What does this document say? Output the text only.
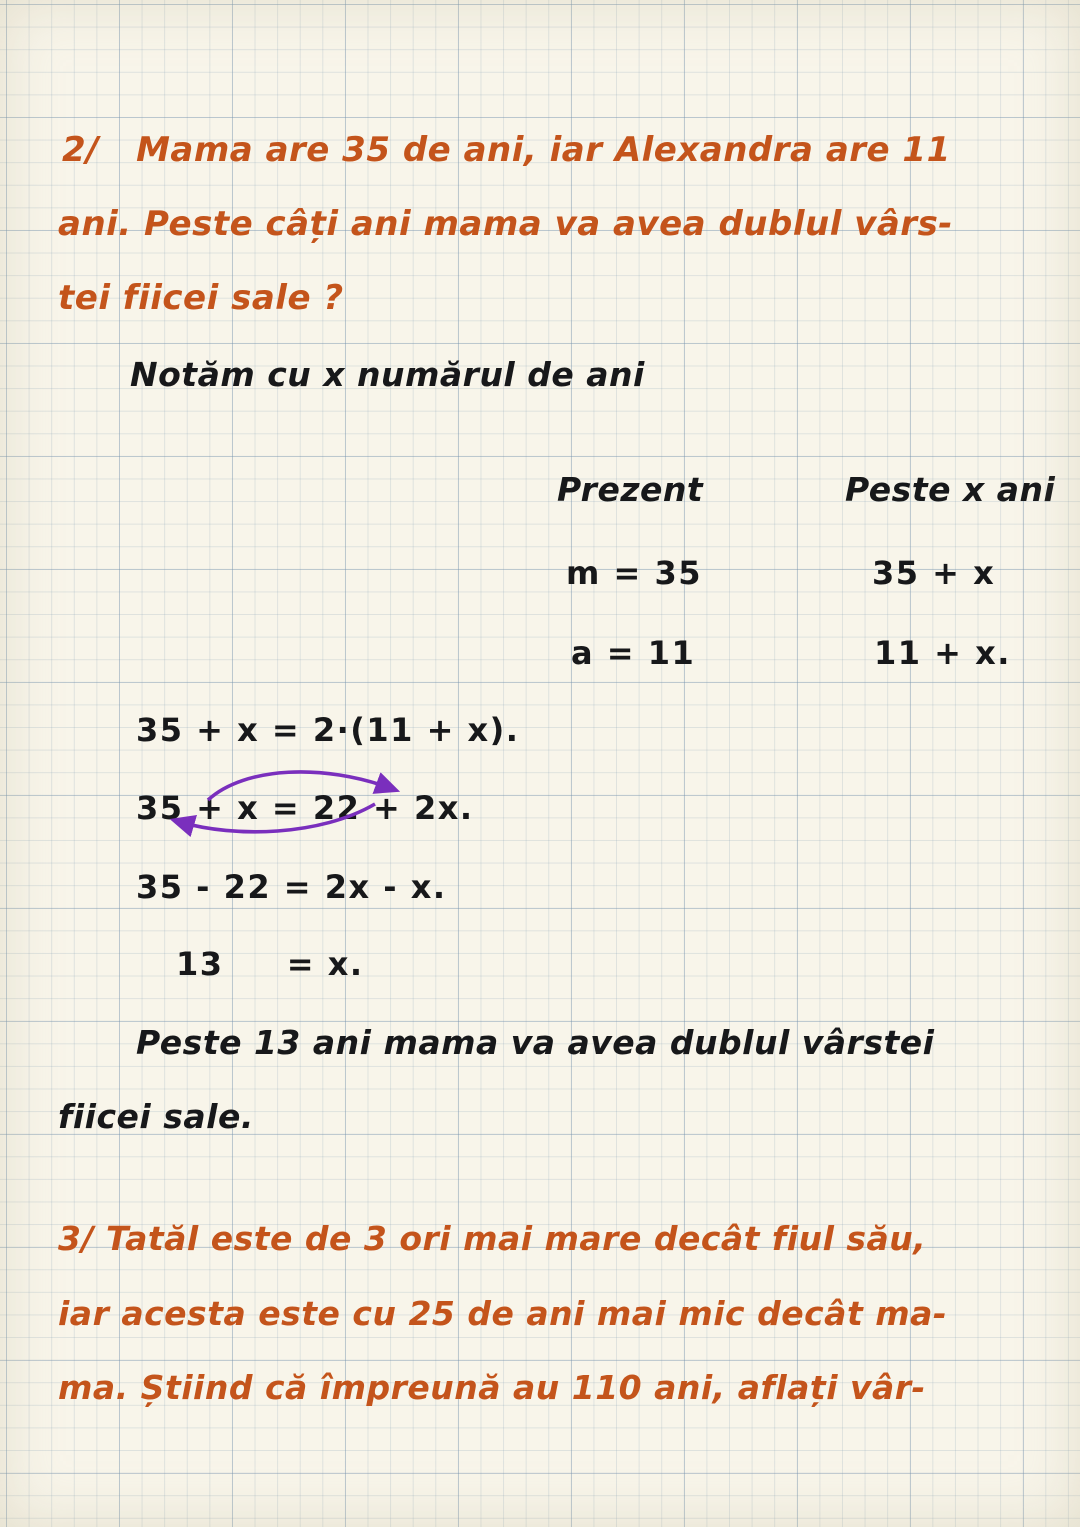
2/   Mama are 35 de ani, iar Alexandra are 11
ani. Peste câți ani mama va avea dublul vârs-
tei fiicei sale ?
Notăm cu x numărul de ani
Prezent	Peste x ani
m = 35	35 + x
a = 11	11 + x.
35 + x = 2·(11 + x).
35 + x = 22 + 2x.
35 - 22 = 2x - x.
13     = x.
Peste 13 ani mama va avea dublul vârstei
fiicei sale.
3/ Tatăl este de 3 ori mai mare decât fiul său,
iar acesta este cu 25 de ani mai mic decât ma-
ma. Știind că împreună au 110 ani, aflați vâr-
